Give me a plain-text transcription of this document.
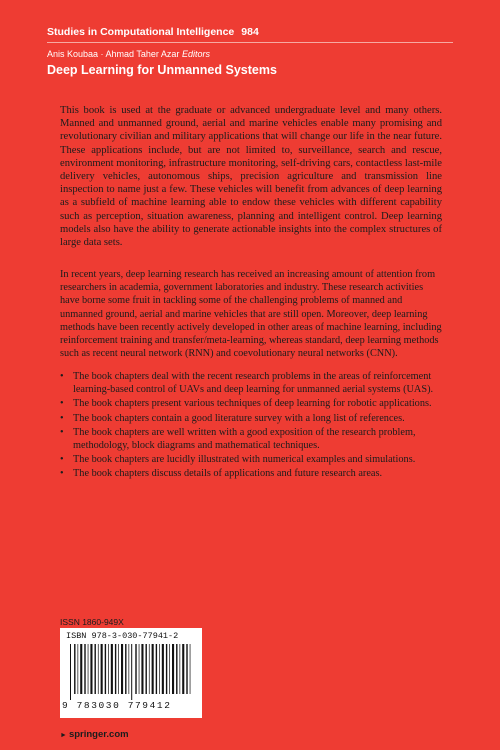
Studies in Computational Intelligence 984
Anis Koubaa · Ahmad Taher Azar Editors
Deep Learning for Unmanned Systems

This book is used at the graduate or advanced undergraduate level and many others. Manned and unmanned ground, aerial and marine vehicles enable many promising and revolutionary civilian and military applications that will change our life in the near future. These applications include, but are not limited to, surveillance, search and rescue, environment monitoring, infrastructure monitoring, self-driving cars, contactless last-mile delivery vehicles, autonomous ships, precision agriculture and transmission line inspection to name just a few. These vehicles will benefit from advances of deep learning as a subfield of machine learning able to endow these vehicles with different capability such as perception, situation awareness, planning and intelligent control. Deep learning models also have the ability to generate actionable insights into the complex structures of large data sets.

In recent years, deep learning research has received an increasing amount of attention from researchers in academia, government laboratories and industry. These research activities have borne some fruit in tackling some of the challenging problems of manned and unmanned ground, aerial and marine vehicles that are still open. Moreover, deep learning methods have been recently actively developed in other areas of machine learning, including reinforcement training and transfer/meta-learning, whereas standard, deep learning methods such as recent neural network (RNN) and coevolutionary neural networks (CNN).

• The book chapters deal with the recent research problems in the areas of reinforcement learning-based control of UAVs and deep learning for unmanned aerial systems (UAS).
• The book chapters present various techniques of deep learning for robotic applications.
• The book chapters contain a good literature survey with a long list of references.
• The book chapters are well written with a good exposition of the research problem, methodology, block diagrams and mathematical techniques.
• The book chapters are lucidly illustrated with numerical examples and simulations.
• The book chapters discuss details of applications and future research areas.
ISSN 1860-949X
ISBN 978-3-030-77941-2
9 783030 779412
► springer.com
